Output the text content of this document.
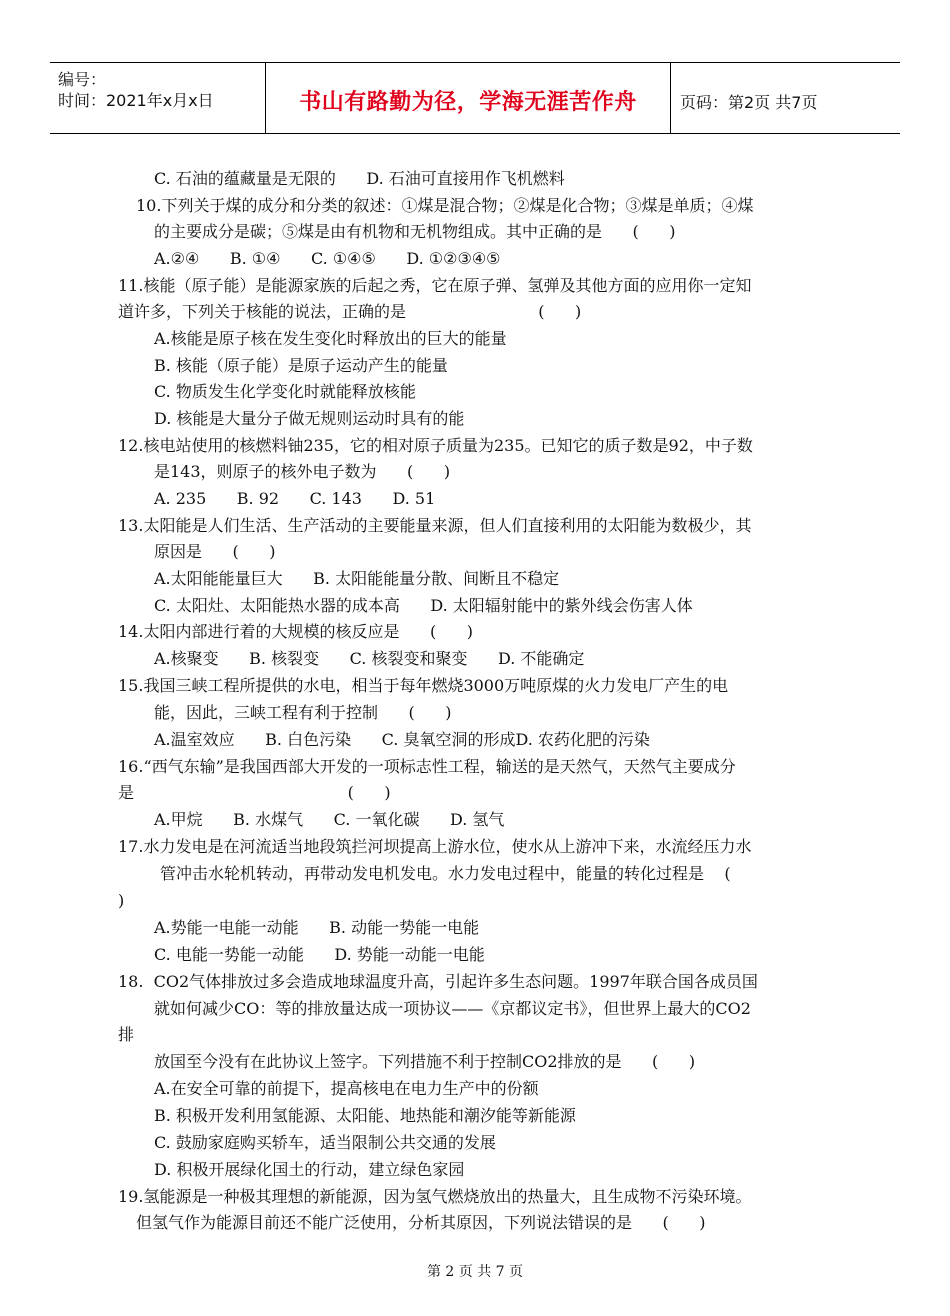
编号：
时间：2021年x月x日	书山有路勤为径，学海无涯苦作舟	页码：第2页 共7页
C. 石油的蕴藏量是无限的      D. 石油可直接用作飞机燃料
10.下列关于煤的成分和分类的叙述：①煤是混合物；②煤是化合物；③煤是单质；④煤
的主要成分是碳；⑤煤是由有机物和无机物组成。其中正确的是      (      )
A.②④      B. ①④      C. ①④⑤      D. ①②③④⑤
11.核能（原子能）是能源家族的后起之秀，它在原子弹、氢弹及其他方面的应用你一定知
道许多，下列关于核能的说法，正确的是                          (      )
A.核能是原子核在发生变化时释放出的巨大的能量
B. 核能（原子能）是原子运动产生的能量
C. 物质发生化学变化时就能释放核能
D. 核能是大量分子做无规则运动时具有的能
12.核电站使用的核燃料铀235，它的相对原子质量为235。已知它的质子数是92，中子数
是143，则原子的核外电子数为      (      )
A. 235      B. 92      C. 143      D. 51
13.太阳能是人们生活、生产活动的主要能量来源，但人们直接利用的太阳能为数极少，其
原因是      (      )
A.太阳能能量巨大      B. 太阳能能量分散、间断且不稳定
C. 太阳灶、太阳能热水器的成本高      D. 太阳辐射能中的紫外线会伤害人体
14.太阳内部进行着的大规模的核反应是      (      )
A.核聚变      B. 核裂变      C. 核裂变和聚变      D. 不能确定
15.我国三峡工程所提供的水电，相当于每年燃烧3000万吨原煤的火力发电厂产生的电
能，因此，三峡工程有利于控制      (      )
A.温室效应      B. 白色污染      C. 臭氧空洞的形成D. 农药化肥的污染
16.“西气东输”是我国西部大开发的一项标志性工程，输送的是天然气，天然气主要成分
是                                          (      )
A.甲烷      B. 水煤气      C. 一氧化碳      D. 氢气
17.水力发电是在河流适当地段筑拦河坝提高上游水位，使水从上游冲下来，水流经压力水
管冲击水轮机转动，再带动发电机发电。水力发电过程中，能量的转化过程是    (
)
A.势能一电能一动能      B. 动能一势能一电能
C. 电能一势能一动能      D. 势能一动能一电能
18.  CO2气体排放过多会造成地球温度升高，引起许多生态问题。1997年联合国各成员国
就如何减少CO：等的排放量达成一项协议——《京都议定书》，但世界上最大的CO2
排
放国至今没有在此协议上签字。下列措施不利于控制CO2排放的是      (      )
A.在安全可靠的前提下，提高核电在电力生产中的份额
B. 积极开发利用氢能源、太阳能、地热能和潮汐能等新能源
C. 鼓励家庭购买轿车，适当限制公共交通的发展
D. 积极开展绿化国土的行动，建立绿色家园
19.氢能源是一种极其理想的新能源，因为氢气燃烧放出的热量大，且生成物不污染环境。
但氢气作为能源目前还不能广泛使用，分析其原因，下列说法错误的是      (      )
第 2 页 共 7 页
